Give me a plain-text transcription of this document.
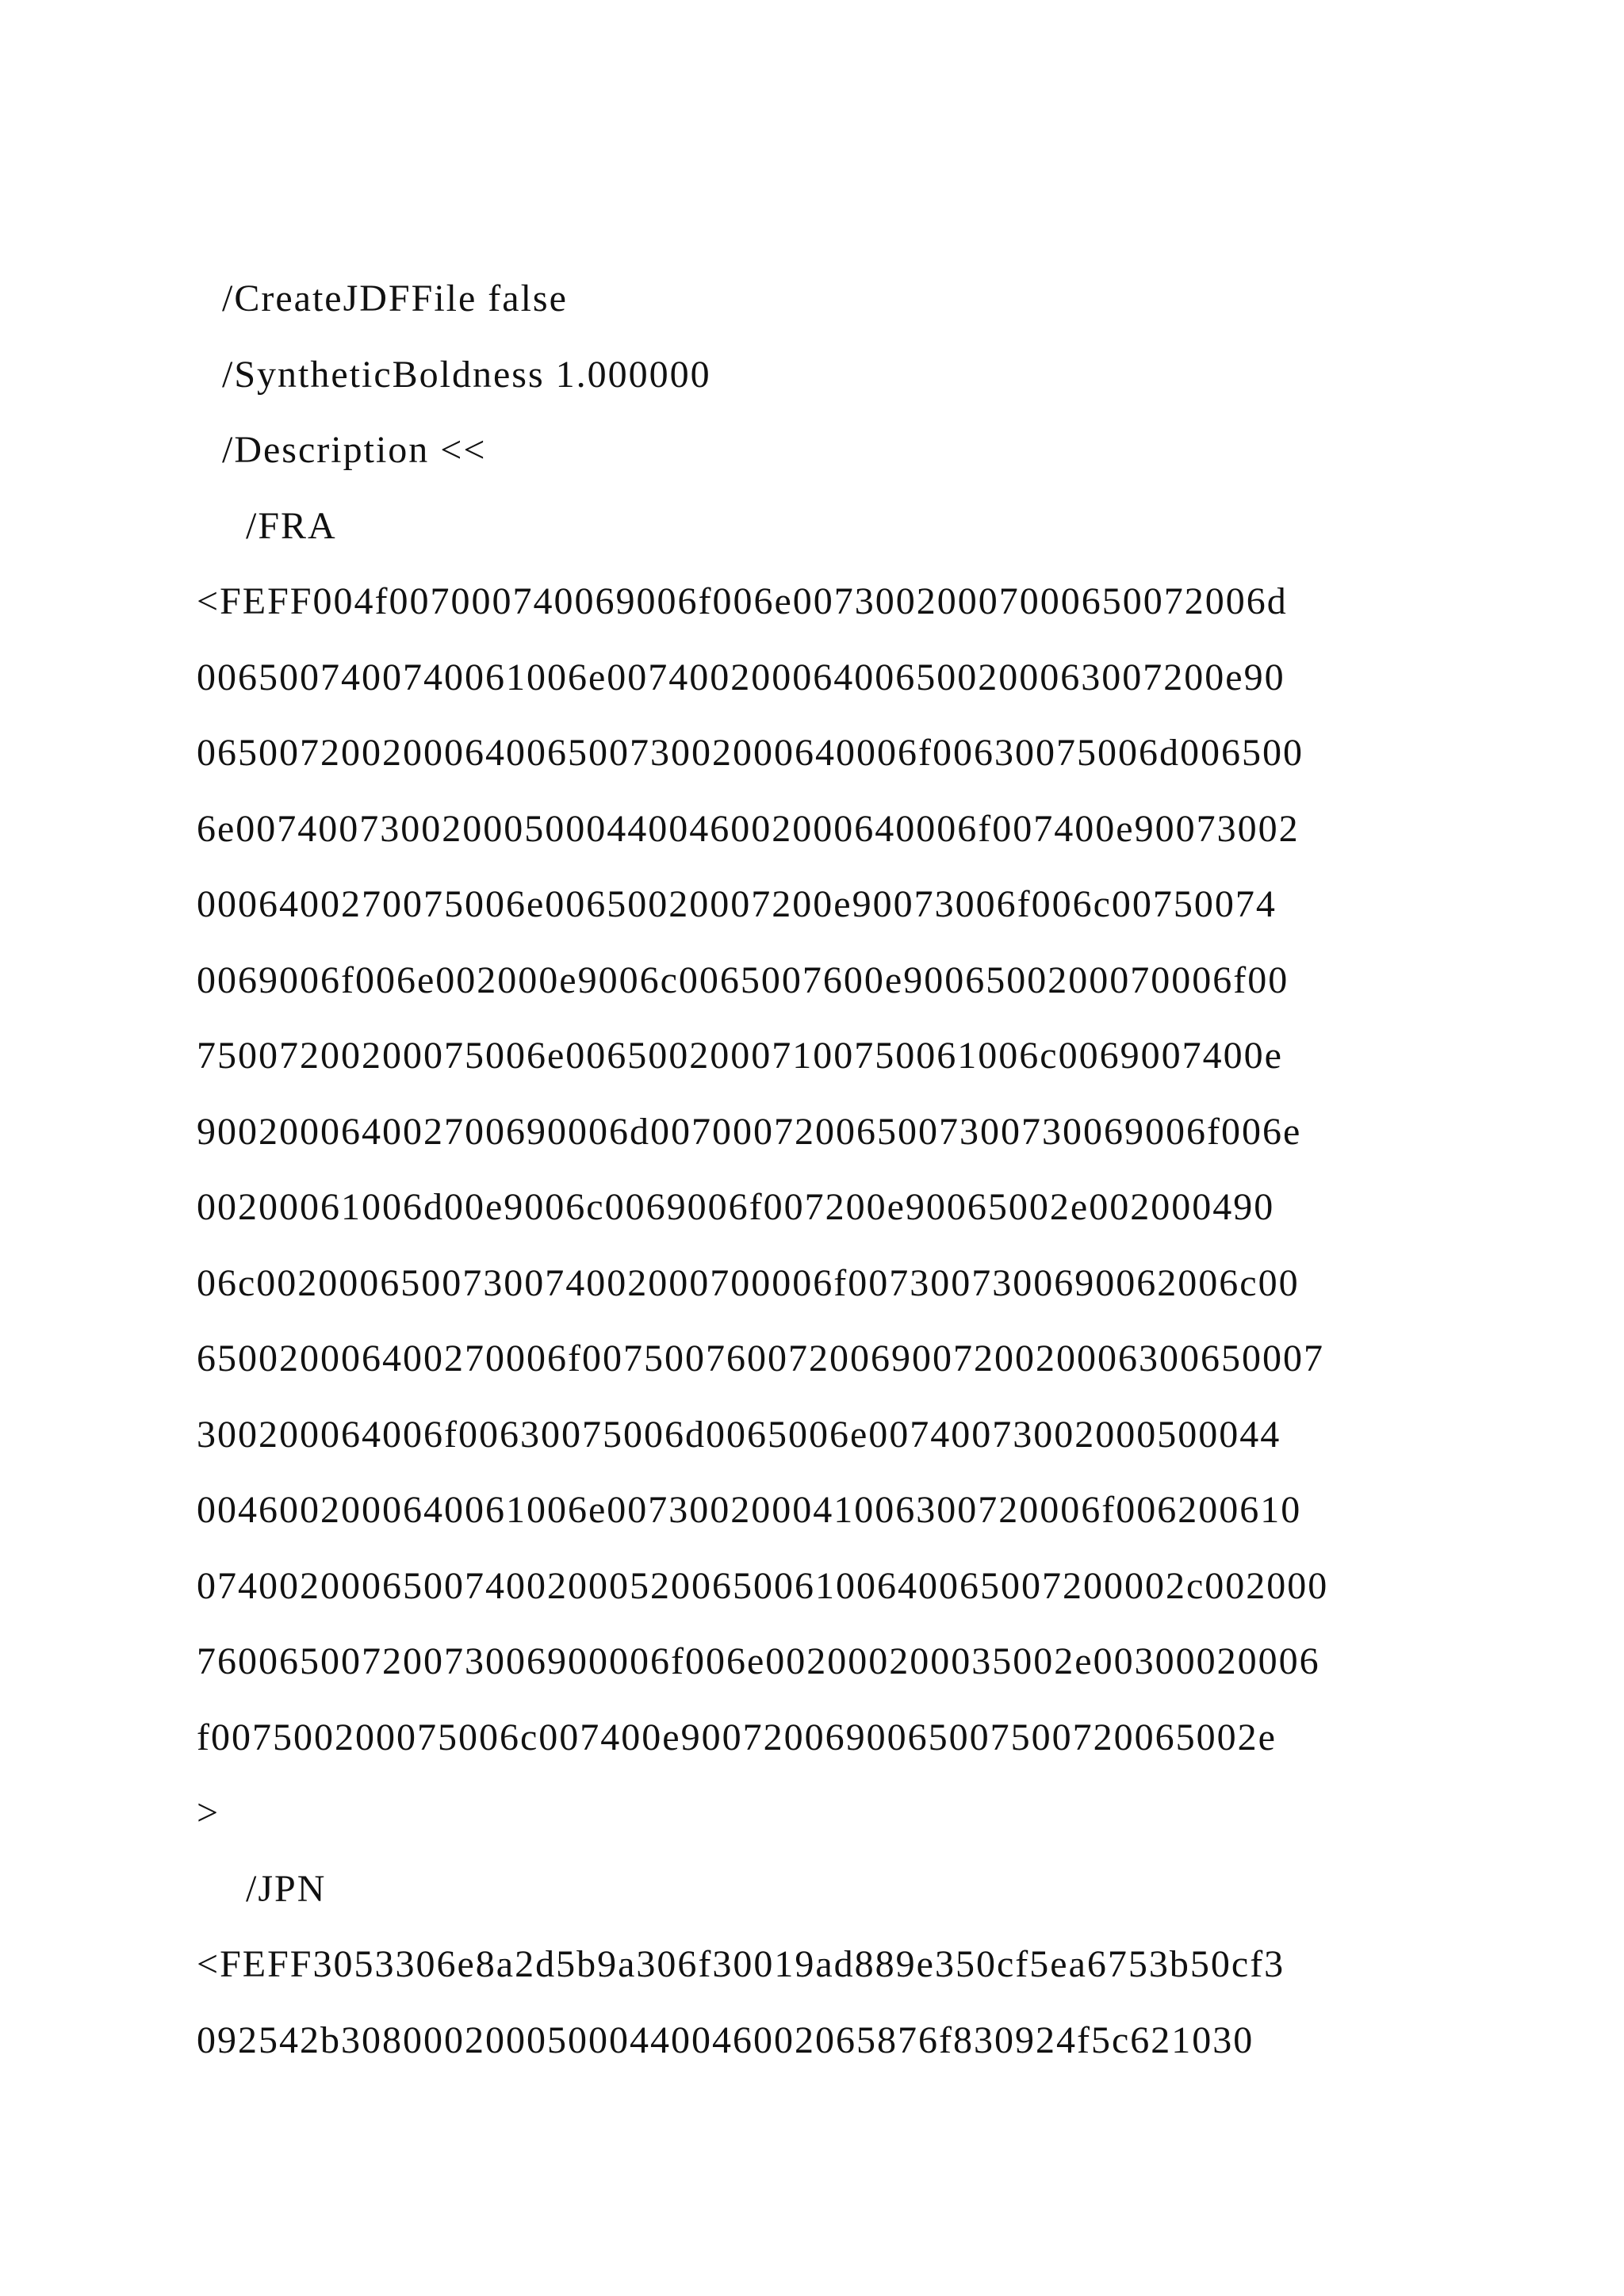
/CreateJDFFile false
/SyntheticBoldness 1.000000
/Description <<
/FRA
<FEFF004f007000740069006f006e00730020007000650072006d
0065007400740061006e007400200064006500200063007200e90
06500720020006400650073002000640006f00630075006d006500
6e007400730020005000440046002000640006f007400e90073002
0006400270075006e00650020007200e90073006f006c00750074
0069006f006e002000e9006c0065007600e9006500200070006f00
75007200200075006e00650020007100750061006c0069007400e
900200064002700690006d007000720065007300730069006f006e
00200061006d00e9006c0069006f007200e90065002e002000490
06c0020006500730074002000700006f0073007300690062006c00
650020006400270006f007500760072006900720020006300650007
300200064006f00630075006d0065006e00740073002000500044
0046002000640061006e007300200041006300720006f006200610
074002000650074002000520065006100640065007200002c002000
76006500720073006900006f006e002000200035002e00300020006
f007500200075006c007400e9007200690065007500720065002e
>
/JPN
<FEFF3053306e8a2d5b9a306f30019ad889e350cf5ea6753b50cf3
092542b30800020005000440046002065876f830924f5c621030
